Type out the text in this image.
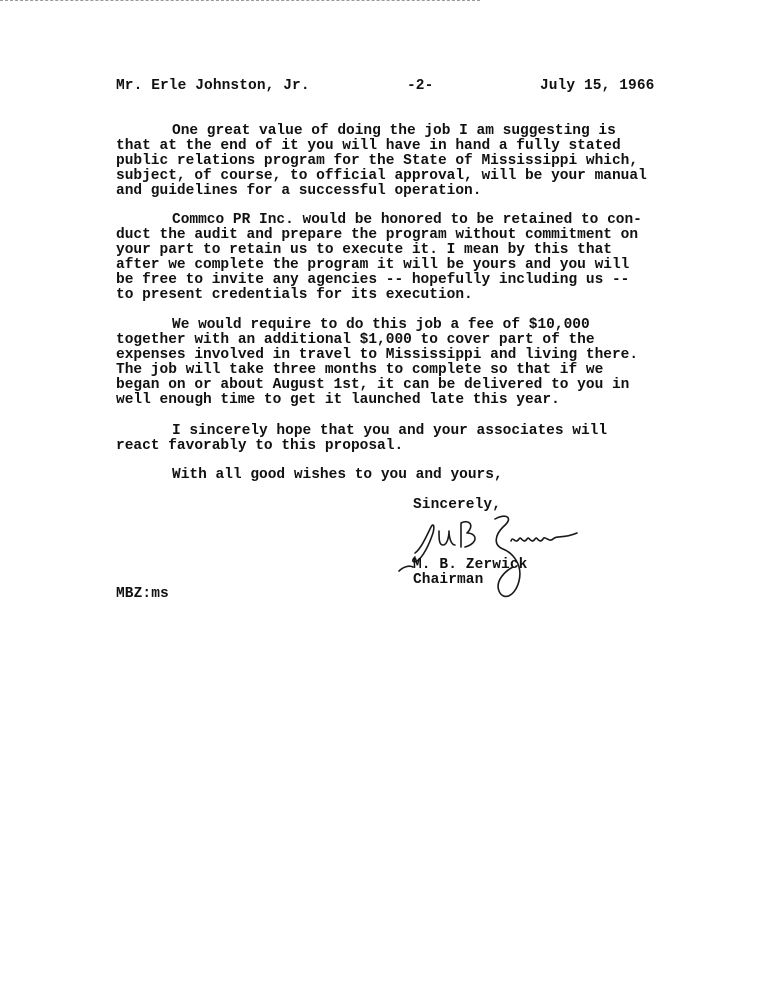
Mr. Erle Johnston, Jr.	-2-	July 15, 1966
One great value of doing the job I am suggesting is
that at the end of it you will have in hand a fully stated
public relations program for the State of Mississippi which,
subject, of course, to official approval, will be your manual
and guidelines for a successful operation.
Commco PR Inc. would be honored to be retained to con-
duct the audit and prepare the program without commitment on
your part to retain us to execute it. I mean by this that
after we complete the program it will be yours and you will
be free to invite any agencies -- hopefully including us --
to present credentials for its execution.
We would require to do this job a fee of $10,000
together with an additional $1,000 to cover part of the
expenses involved in travel to Mississippi and living there.
The job will take three months to complete so that if we
began on or about August 1st, it can be delivered to you in
well enough time to get it launched late this year.
I sincerely hope that you and your associates will
react favorably to this proposal.
With all good wishes to you and yours,
Sincerely,
M. B. Zerwick
Chairman
MBZ:ms
